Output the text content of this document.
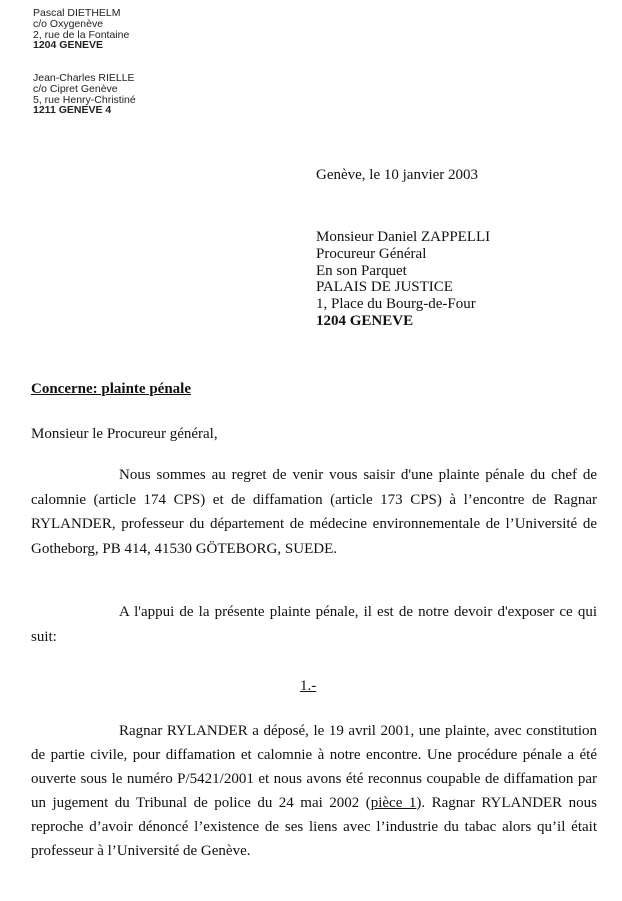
Pascal DIETHELM
c/o Oxygenève
2, rue de la Fontaine
1204 GENEVE
Jean-Charles RIELLE
c/o Cipret Genève
5, rue Henry-Christiné
1211 GENEVE 4
Genève, le 10 janvier 2003
Monsieur Daniel ZAPPELLI
Procureur Général
En son Parquet
PALAIS DE JUSTICE
1, Place du Bourg-de-Four
1204 GENEVE
Concerne: plainte pénale
Monsieur le Procureur général,
Nous sommes au regret de venir vous saisir d'une plainte pénale du chef de calomnie (article 174 CPS) et de diffamation (article 173 CPS) à l’encontre de Ragnar RYLANDER, professeur du département de médecine environnementale de l’Université de Gotheborg, PB 414, 41530 GÖTEBORG, SUEDE.
A l'appui de la présente plainte pénale, il est de notre devoir d'exposer ce qui suit:
1.-
Ragnar RYLANDER a déposé, le 19 avril 2001, une plainte, avec constitution de partie civile, pour diffamation et calomnie à notre encontre. Une procédure pénale a été ouverte sous le numéro P/5421/2001 et nous avons été reconnus coupable de diffamation par un jugement du Tribunal de police du 24 mai 2002 (pièce 1). Ragnar RYLANDER nous reproche d’avoir dénoncé l’existence de ses liens avec l’industrie du tabac alors qu’il était professeur à l’Université de Genève.
